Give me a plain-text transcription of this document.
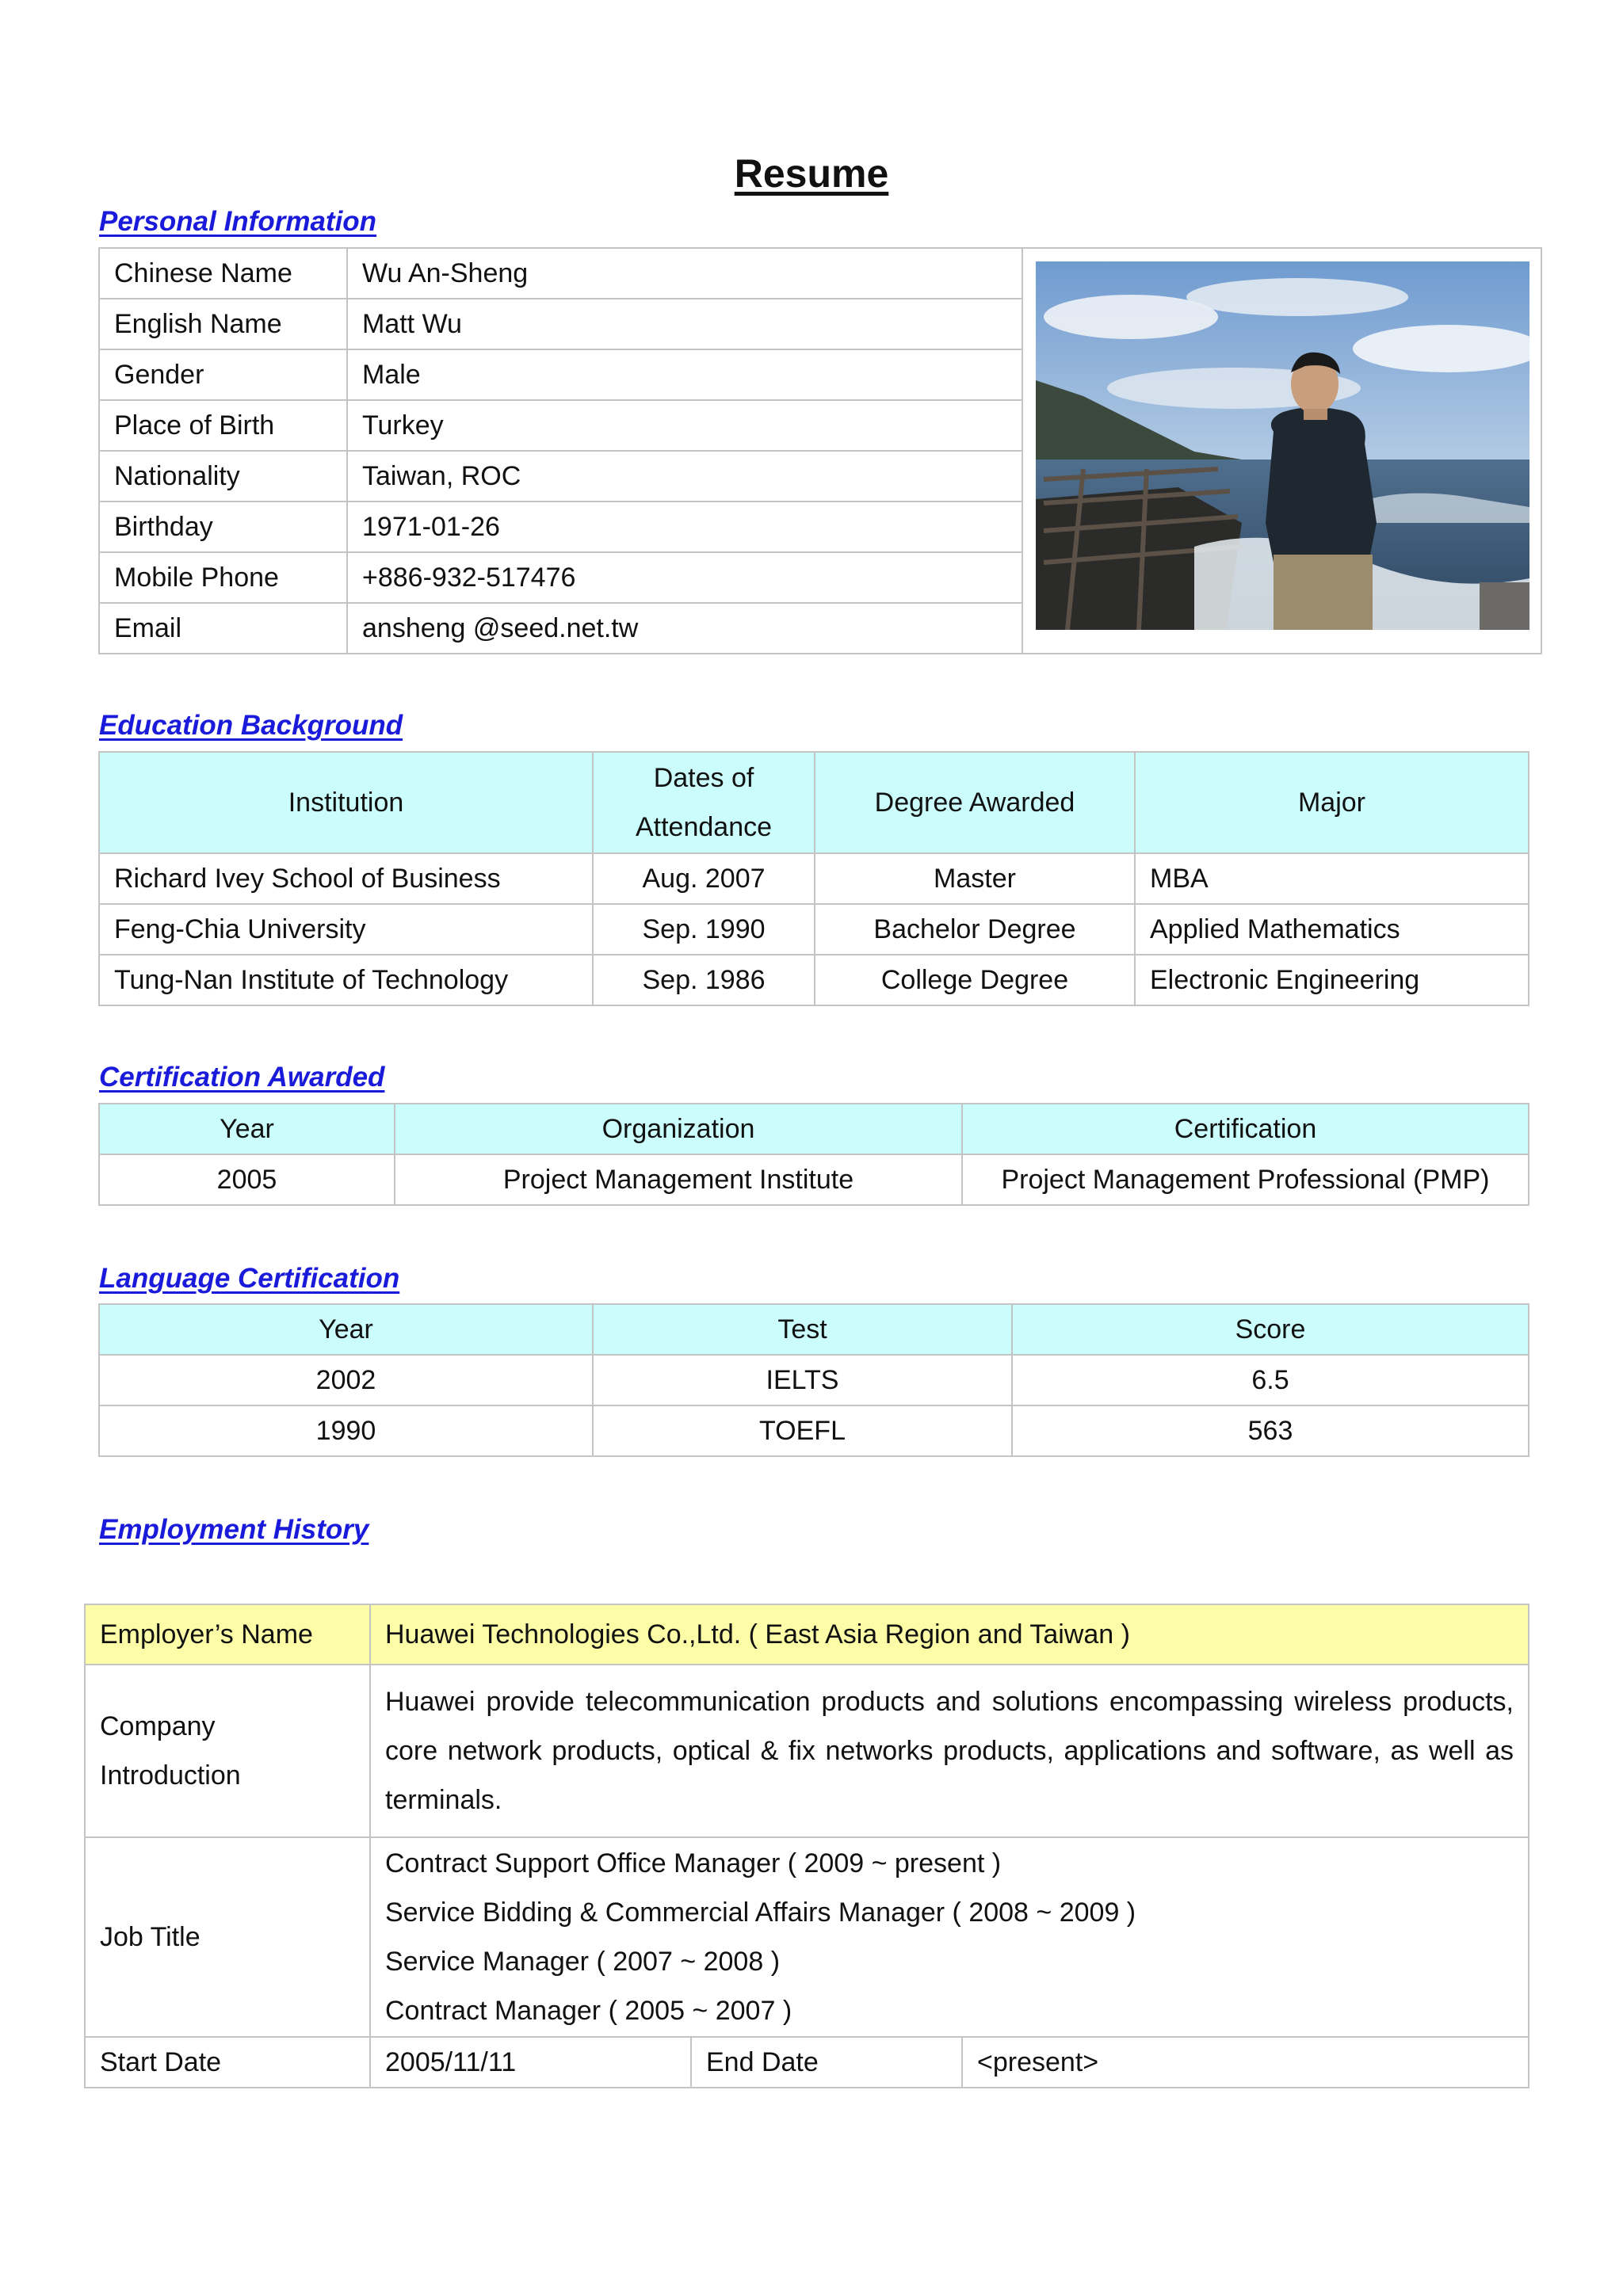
Resume
Personal Information
Chinese Name	Wu An-Sheng	

English Name	Matt Wu	
Gender	Male	
Place of Birth	Turkey	
Nationality	Taiwan, ROC	
Birthday	1971-01-26	
Mobile Phone	+886-932-517476	
Email	ansheng @seed.net.tw	
Education Background
Institution	Dates of Attendance	Degree Awarded	Major
Richard Ivey School of Business	Aug. 2007	Master	MBA
Feng-Chia University	Sep. 1990	Bachelor Degree	Applied Mathematics
Tung-Nan Institute of Technology	Sep. 1986	College Degree	Electronic Engineering
Certification Awarded
Year	Organization	Certification
2005	Project Management Institute	Project Management Professional (PMP)
Language Certification
Year	Test	Score
2002	IELTS	6.5
1990	TOEFL	563
Employment History
Employer’s Name	Huawei Technologies Co.,Ltd. ( East Asia Region and Taiwan )		
Company Introduction	Huawei provide telecommunication products and solutions encompassing wireless products, core network products, optical & fix networks products, applications and software, as well as terminals.		
Job Title	Contract Support Office Manager ( 2009 ~ present )
Service Bidding & Commercial Affairs Manager ( 2008 ~ 2009 )
Service Manager ( 2007 ~ 2008 )
Contract Manager ( 2005 ~ 2007 )		

Start Date	2005/11/11	End Date	<present>
